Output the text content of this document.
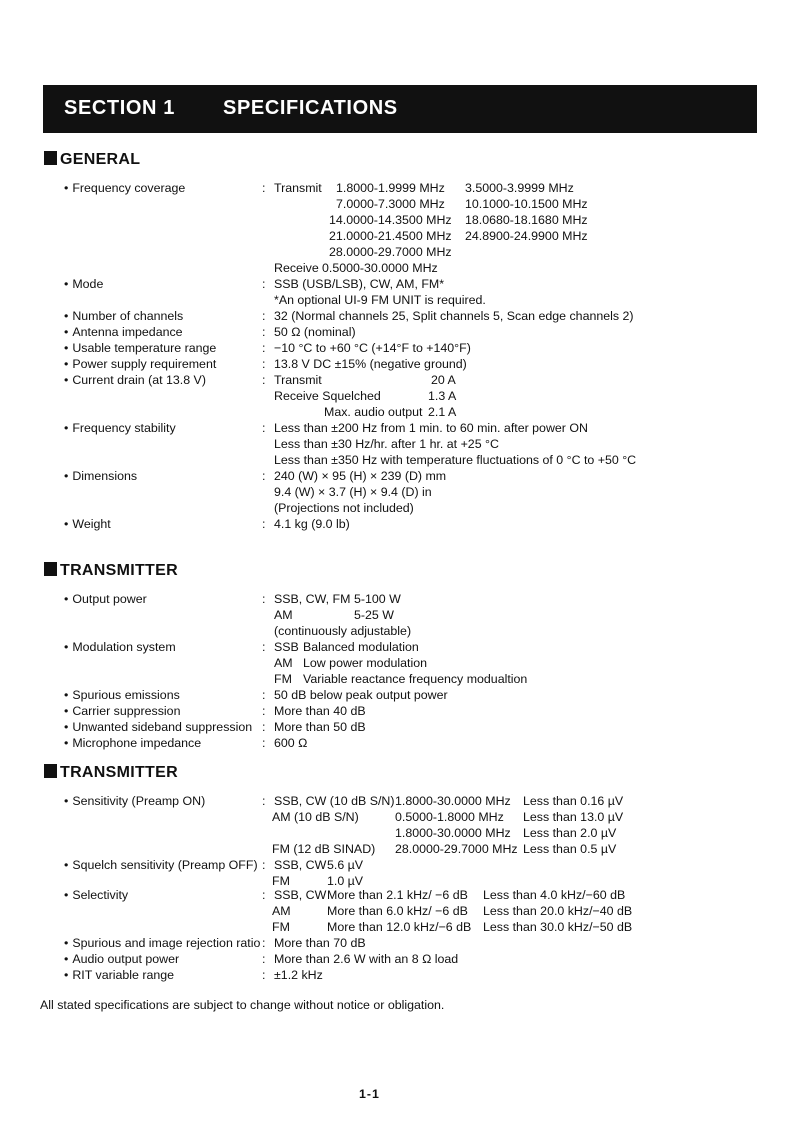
SECTION 1 SPECIFICATIONS
GENERAL
• Frequency coverage	: Transmit 1.8000-1.9999 MHz 3.5000-3.9999 MHz
7.0000-7.3000 MHz 10.1000-10.1500 MHz
14.0000-14.3500 MHz 18.0680-18.1680 MHz
21.0000-21.4500 MHz 24.8900-24.9900 MHz
28.0000-29.7000 MHz
Receive 0.5000-30.0000 MHz
• Mode	: SSB (USB/LSB), CW, AM, FM*
*An optional UI-9 FM UNIT is required.
• Number of channels	: 32 (Normal channels 25, Split channels 5, Scan edge channels 2)
• Antenna impedance	: 50 Ω (nominal)
• Usable temperature range	: −10 °C to +60 °C (+14°F to +140°F)
• Power supply requirement	: 13.8 V DC ±15% (negative ground)
• Current drain (at 13.8 V)	: Transmit	20 A
Receive Squelched	1.3 A
Max. audio output 2.1 A
• Frequency stability	: Less than ±200 Hz from 1 min. to 60 min. after power ON
Less than ±30 Hz/hr. after 1 hr. at +25 °C
Less than ±350 Hz with temperature fluctuations of 0 °C to +50 °C
• Dimensions	: 240 (W) × 95 (H) × 239 (D) mm
9.4 (W) × 3.7 (H) × 9.4 (D) in
(Projections not included)
• Weight	: 4.1 kg (9.0 lb)
TRANSMITTER
• Output power	: SSB, CW, FM 5-100 W
AM	5-25 W
(continuously adjustable)
• Modulation system	: SSB Balanced modulation
AM Low power modulation
FM Variable reactance frequency modualtion
• Spurious emissions	: 50 dB below peak output power
• Carrier suppression	: More than 40 dB
• Unwanted sideband suppression : More than 50 dB
• Microphone impedance	: 600 Ω
TRANSMITTER
• Sensitivity (Preamp ON)	: SSB, CW (10 dB S/N) 1.8000-30.0000 MHz Less than 0.16 µV
AM (10 dB S/N)	0.5000-1.8000 MHz Less than 13.0 µV
1.8000-30.0000 MHz Less than 2.0 µV
FM (12 dB SINAD) 28.0000-29.7000 MHz Less than 0.5 µV
• Squelch sensitivity (Preamp OFF) : SSB, CW 5.6 µV
FM	1.0 µV
• Selectivity	: SSB, CW More than 2.1 kHz/ −6 dB Less than 4.0 kHz/−60 dB
AM	More than 6.0 kHz/ −6 dB Less than 20.0 kHz/−40 dB
FM	More than 12.0 kHz/−6 dB Less than 30.0 kHz/−50 dB
• Spurious and image rejection ratio : More than 70 dB
• Audio output power	: More than 2.6 W with an 8 Ω load
• RIT variable range	: ±1.2 kHz
All stated specifications are subject to change without notice or obligation.
1-1
